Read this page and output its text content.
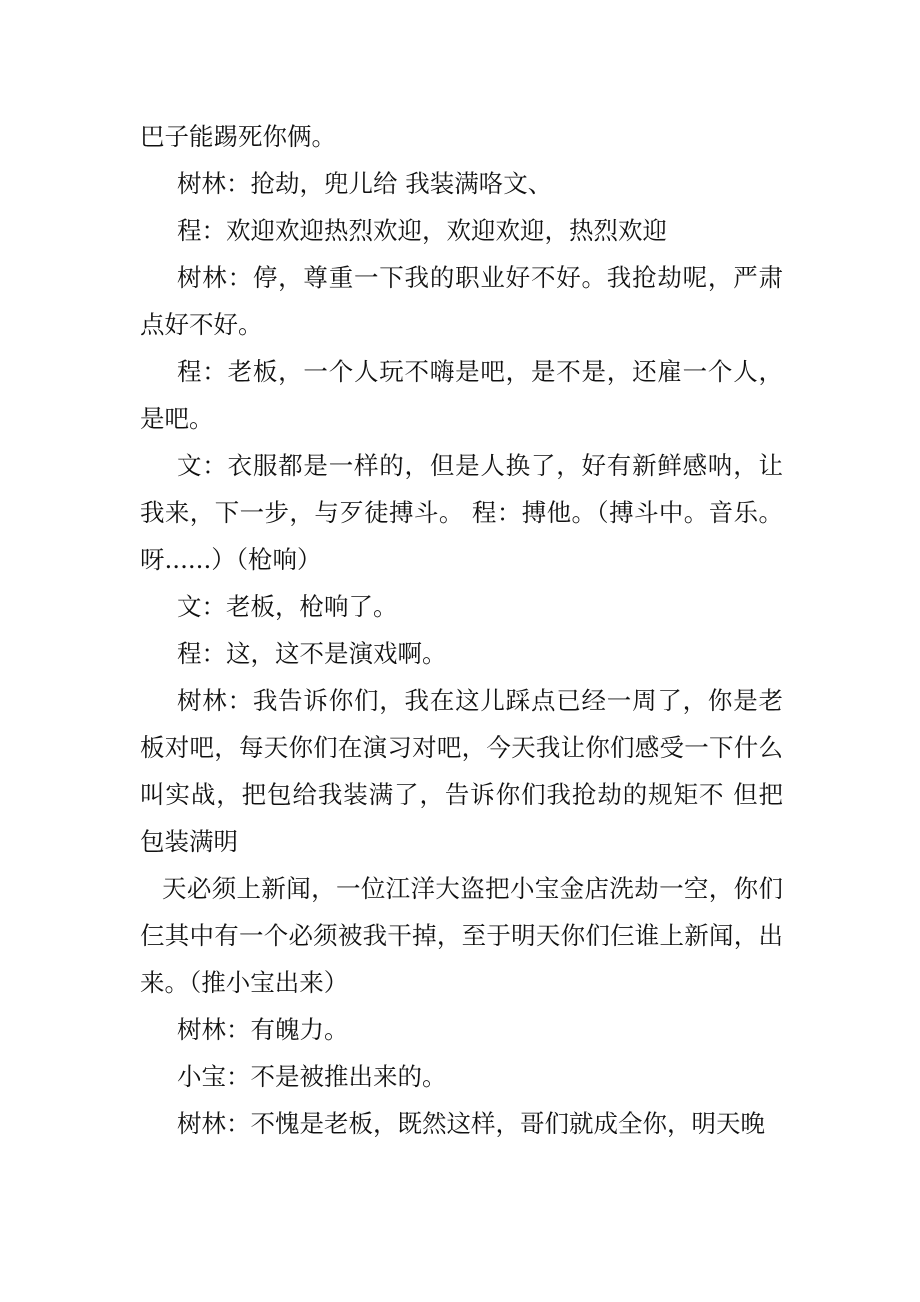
巴子能踢死你俩。

树林：抢劫，兜儿给 我装满咯文、

程：欢迎欢迎热烈欢迎，欢迎欢迎，热烈欢迎

树林：停，尊重一下我的职业好不好。我抢劫呢，严肃点好不好。

程：老板，一个人玩不嗨是吧，是不是，还雇一个人，是吧。

文：衣服都是一样的，但是人换了，好有新鲜感呐，让我来，下一步，与歹徒搏斗。 程：搏他。（搏斗中。音乐。呀......）（枪响）

文：老板，枪响了。

程：这，这不是演戏啊。

树林：我告诉你们，我在这儿踩点已经一周了，你是老板对吧，每天你们在演习对吧，今天我让你们感受一下什么叫实战，把包给我装满了，告诉你们我抢劫的规矩不 但把包装满明

天必须上新闻，一位江洋大盗把小宝金店洗劫一空，你们仨其中有一个必须被我干掉，至于明天你们仨谁上新闻，出来。（推小宝出来）

树林：有魄力。

小宝：不是被推出来的。

树林：不愧是老板，既然这样，哥们就成全你，明天晚
